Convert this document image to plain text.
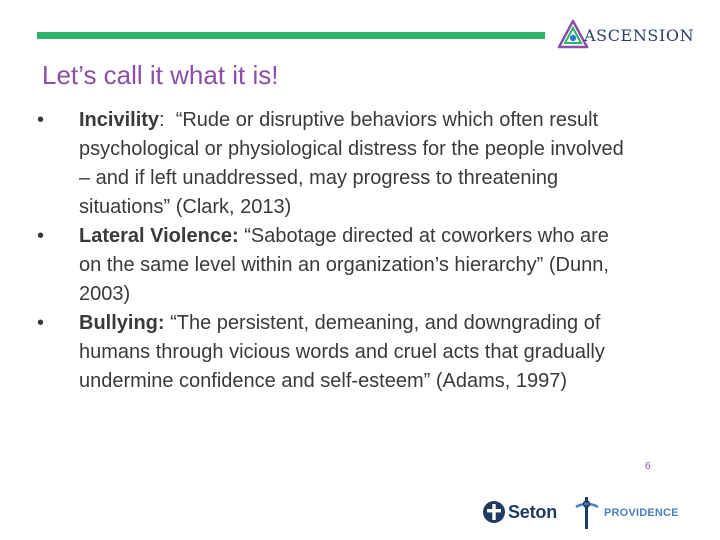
ASCENSION
Let’s call it what it is!
•	Incivility:  “Rude or disruptive behaviors which often result psychological or physiological distress for the people involved – and if left unaddressed, may progress to threatening situations” (Clark, 2013)
•	Lateral Violence: “Sabotage directed at coworkers who are on the same level within an organization’s hierarchy” (Dunn, 2003)
•	Bullying: “The persistent, demeaning, and downgrading of humans through vicious words and cruel acts that gradually undermine confidence and self-esteem” (Adams, 1997)
6
Seton	PROVIDENCE
